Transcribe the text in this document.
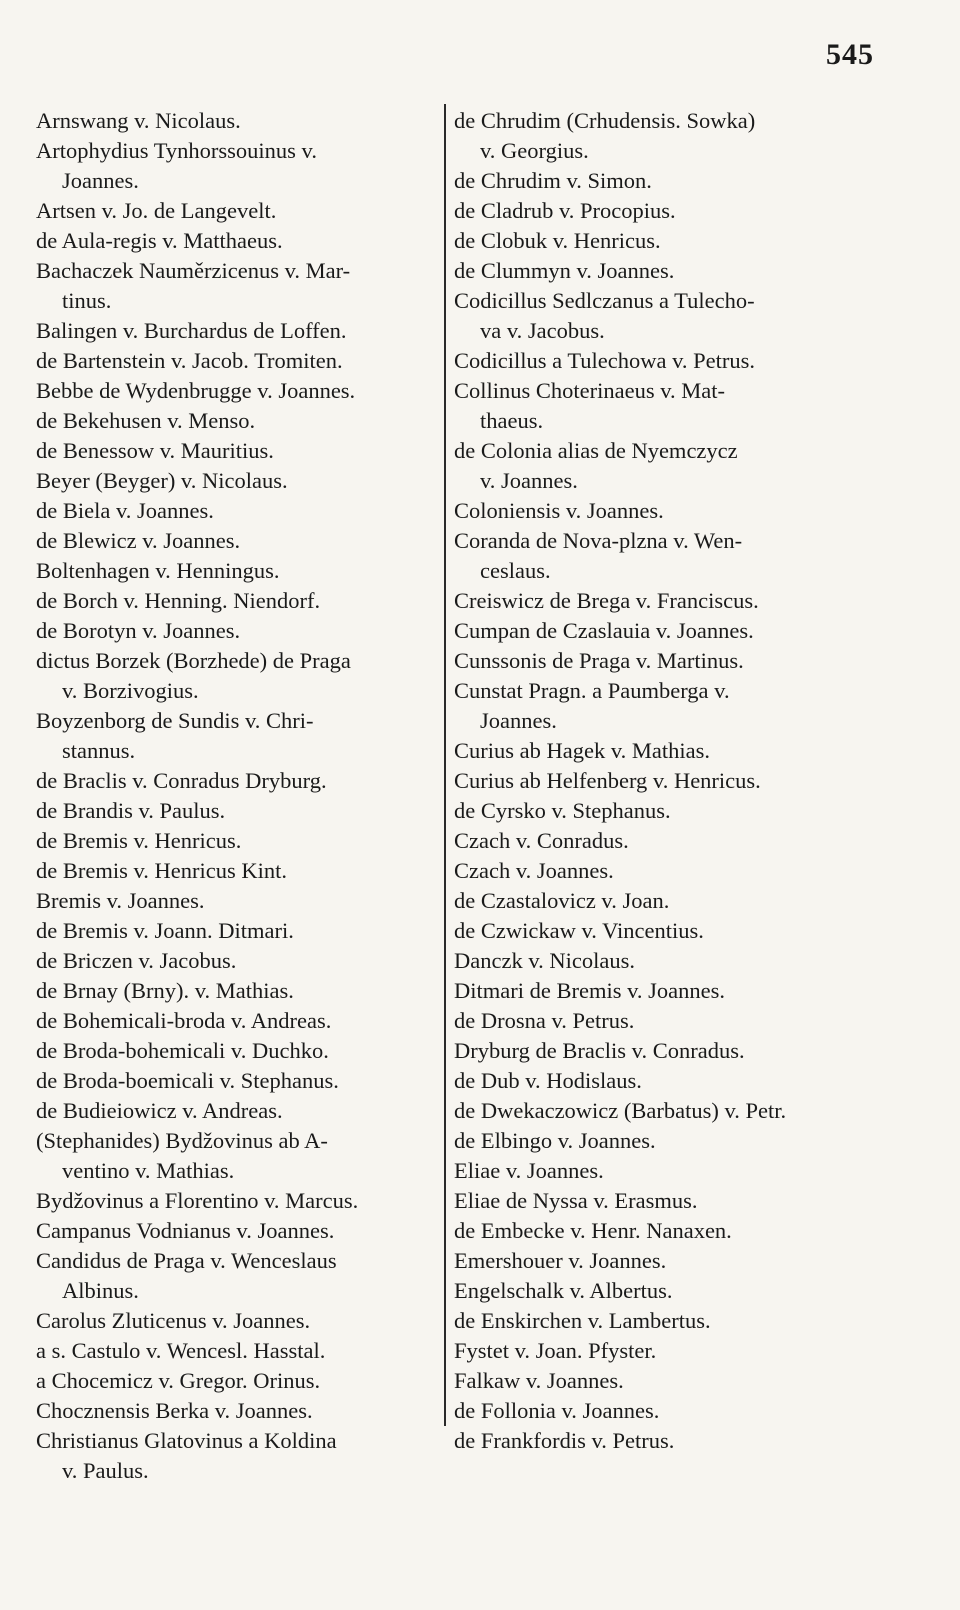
545

Arnswang v. Nicolaus.

Artophydius Tynhorssouinus v.

Joannes.

Artsen v. Jo. de Langevelt.

de Aula-regis v. Matthaeus.

Bachaczek Nauměrzicenus v. Mar-

tinus.

Balingen v. Burchardus de Loffen.

de Bartenstein v. Jacob. Tromiten.

Bebbe de Wydenbrugge v. Joannes.

de Bekehusen v. Menso.

de Benessow v. Mauritius.

Beyer (Beyger) v. Nicolaus.

de Biela v. Joannes.

de Blewicz v. Joannes.

Boltenhagen v. Henningus.

de Borch v. Henning. Niendorf.

de Borotyn v. Joannes.

dictus Borzek (Borzhede) de Praga

v. Borzivogius.

Boyzenborg de Sundis v. Chri-

stannus.

de Braclis v. Conradus Dryburg.

de Brandis v. Paulus.

de Bremis v. Henricus.

de Bremis v. Henricus Kint.

Bremis v. Joannes.

de Bremis v. Joann. Ditmari.

de Briczen v. Jacobus.

de Brnay (Brny). v. Mathias.

de Bohemicali-broda v. Andreas.

de Broda-bohemicali v. Duchko.

de Broda-boemicali v. Stephanus.

de Budieiowicz v. Andreas.

(Stephanides) Bydžovinus ab A-

ventino v. Mathias.

Bydžovinus a Florentino v. Marcus.

Campanus Vodnianus v. Joannes.

Candidus de Praga v. Wenceslaus

Albinus.

Carolus Zluticenus v. Joannes.

a s. Castulo v. Wencesl. Hasstal.

a Chocemicz v. Gregor. Orinus.

Chocznensis Berka v. Joannes.

Christianus Glatovinus a Koldina

v. Paulus.

de Chrudim (Crhudensis. Sowka)

v. Georgius.

de Chrudim v. Simon.

de Cladrub v. Procopius.

de Clobuk v. Henricus.

de Clummyn v. Joannes.

Codicillus Sedlczanus a Tulecho-

va v. Jacobus.

Codicillus a Tulechowa v. Petrus.

Collinus Choterinaeus v. Mat-

thaeus.

de Colonia alias de Nyemczycz

v. Joannes.

Coloniensis v. Joannes.

Coranda de Nova-plzna v. Wen-

ceslaus.

Creiswicz de Brega v. Franciscus.

Cumpan de Czaslauia v. Joannes.

Cunssonis de Praga v. Martinus.

Cunstat Pragn. a Paumberga v.

Joannes.

Curius ab Hagek v. Mathias.

Curius ab Helfenberg v. Henricus.

de Cyrsko v. Stephanus.

Czach v. Conradus.

Czach v. Joannes.

de Czastalovicz v. Joan.

de Czwickaw v. Vincentius.

Danczk v. Nicolaus.

Ditmari de Bremis v. Joannes.

de Drosna v. Petrus.

Dryburg de Braclis v. Conradus.

de Dub v. Hodislaus.

de Dwekaczowicz (Barbatus) v. Petr.

de Elbingo v. Joannes.

Eliae v. Joannes.

Eliae de Nyssa v. Erasmus.

de Embecke v. Henr. Nanaxen.

Emershouer v. Joannes.

Engelschalk v. Albertus.

de Enskirchen v. Lambertus.

Fystet v. Joan. Pfyster.

Falkaw v. Joannes.

de Follonia v. Joannes.

de Frankfordis v. Petrus.
